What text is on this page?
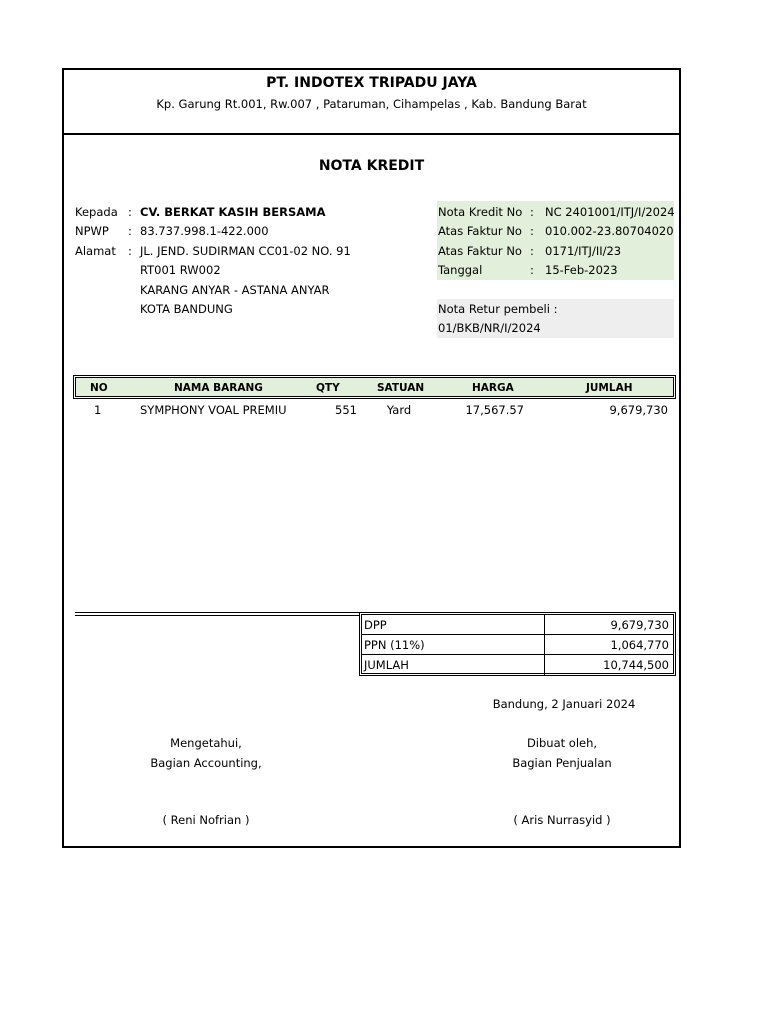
PT. INDOTEX TRIPADU JAYA
Kp. Garung Rt.001, Rw.007 , Pataruman, Cihampelas , Kab. Bandung Barat
NOTA KREDIT
Kepada : CV. BERKAT KASIH BERSAMA
NPWP : 83.737.998.1-422.000
Alamat : JL. JEND. SUDIRMAN CC01-02 NO. 91
RT001 RW002
KARANG ANYAR - ASTANA ANYAR
KOTA BANDUNG
Nota Kredit No : NC 2401001/ITJ/I/2024
Atas Faktur No : 010.002-23.80704020
Atas Faktur No : 0171/ITJ/II/23
Tanggal	: 15-Feb-2023
Nota Retur pembeli :
01/BKB/NR/I/2024
NO	NAMA BARANG	QTY	SATUAN	HARGA	JUMLAH
1	SYMPHONY VOAL PREMIU	551	Yard	17,567.57	9,679,730
DPP	9,679,730
PPN (11%)	1,064,770
JUMLAH	10,744,500
Bandung, 2 Januari 2024
Mengetahui,
Bagian Accounting,
( Reni Nofrian )
Dibuat oleh,
Bagian Penjualan
( Aris Nurrasyid )
